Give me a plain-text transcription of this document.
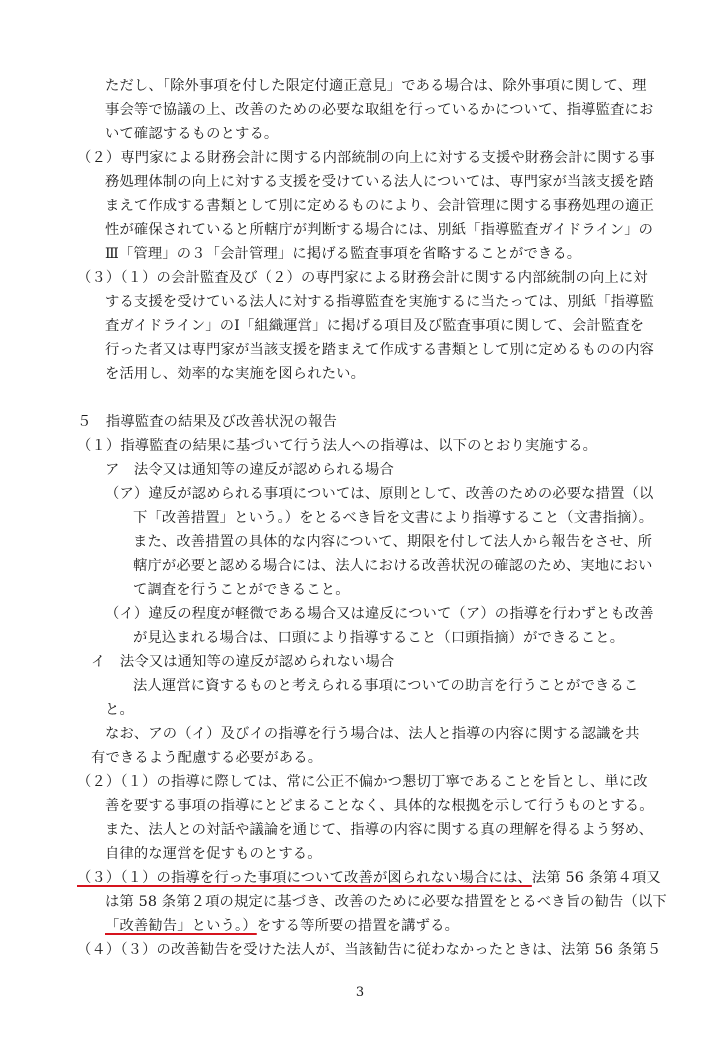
ただし、「除外事項を付した限定付適正意見」である場合は、除外事項に関して、理
事会等で協議の上、改善のための必要な取組を行っているかについて、指導監査にお
いて確認するものとする。
（２）専門家による財務会計に関する内部統制の向上に対する支援や財務会計に関する事
務処理体制の向上に対する支援を受けている法人については、専門家が当該支援を踏
まえて作成する書類として別に定めるものにより、会計管理に関する事務処理の適正
性が確保されていると所轄庁が判断する場合には、別紙「指導監査ガイドライン」の
Ⅲ「管理」の３「会計管理」に掲げる監査事項を省略することができる。
（３）（１）の会計監査及び（２）の専門家による財務会計に関する内部統制の向上に対
する支援を受けている法人に対する指導監査を実施するに当たっては、別紙「指導監
査ガイドライン」のⅠ「組織運営」に掲げる項目及び監査事項に関して、会計監査を
行った者又は専門家が当該支援を踏まえて作成する書類として別に定めるものの内容
を活用し、効率的な実施を図られたい。
５　指導監査の結果及び改善状況の報告
（１）指導監査の結果に基づいて行う法人への指導は、以下のとおり実施する。
ア　法令又は通知等の違反が認められる場合
（ア）違反が認められる事項については、原則として、改善のための必要な措置（以
下「改善措置」という。）をとるべき旨を文書により指導すること（文書指摘）。
また、改善措置の具体的な内容について、期限を付して法人から報告をさせ、所
轄庁が必要と認める場合には、法人における改善状況の確認のため、実地におい
て調査を行うことができること。
（イ）違反の程度が軽微である場合又は違反について（ア）の指導を行わずとも改善
が見込まれる場合は、口頭により指導すること（口頭指摘）ができること。
イ　法令又は通知等の違反が認められない場合
法人運営に資するものと考えられる事項についての助言を行うことができるこ
と。
なお、アの（イ）及びイの指導を行う場合は、法人と指導の内容に関する認識を共
有できるよう配慮する必要がある。
（２）（１）の指導に際しては、常に公正不偏かつ懇切丁寧であることを旨とし、単に改
善を要する事項の指導にとどまることなく、具体的な根拠を示して行うものとする。
また、法人との対話や議論を通じて、指導の内容に関する真の理解を得るよう努め、
自律的な運営を促すものとする。
（３）（１）の指導を行った事項について改善が図られない場合には、法第 56 条第４項又
は第 58 条第２項の規定に基づき、改善のために必要な措置をとるべき旨の勧告（以下
「改善勧告」という。）をする等所要の措置を講ずる。
（４）（３）の改善勧告を受けた法人が、当該勧告に従わなかったときは、法第 56 条第５
3
